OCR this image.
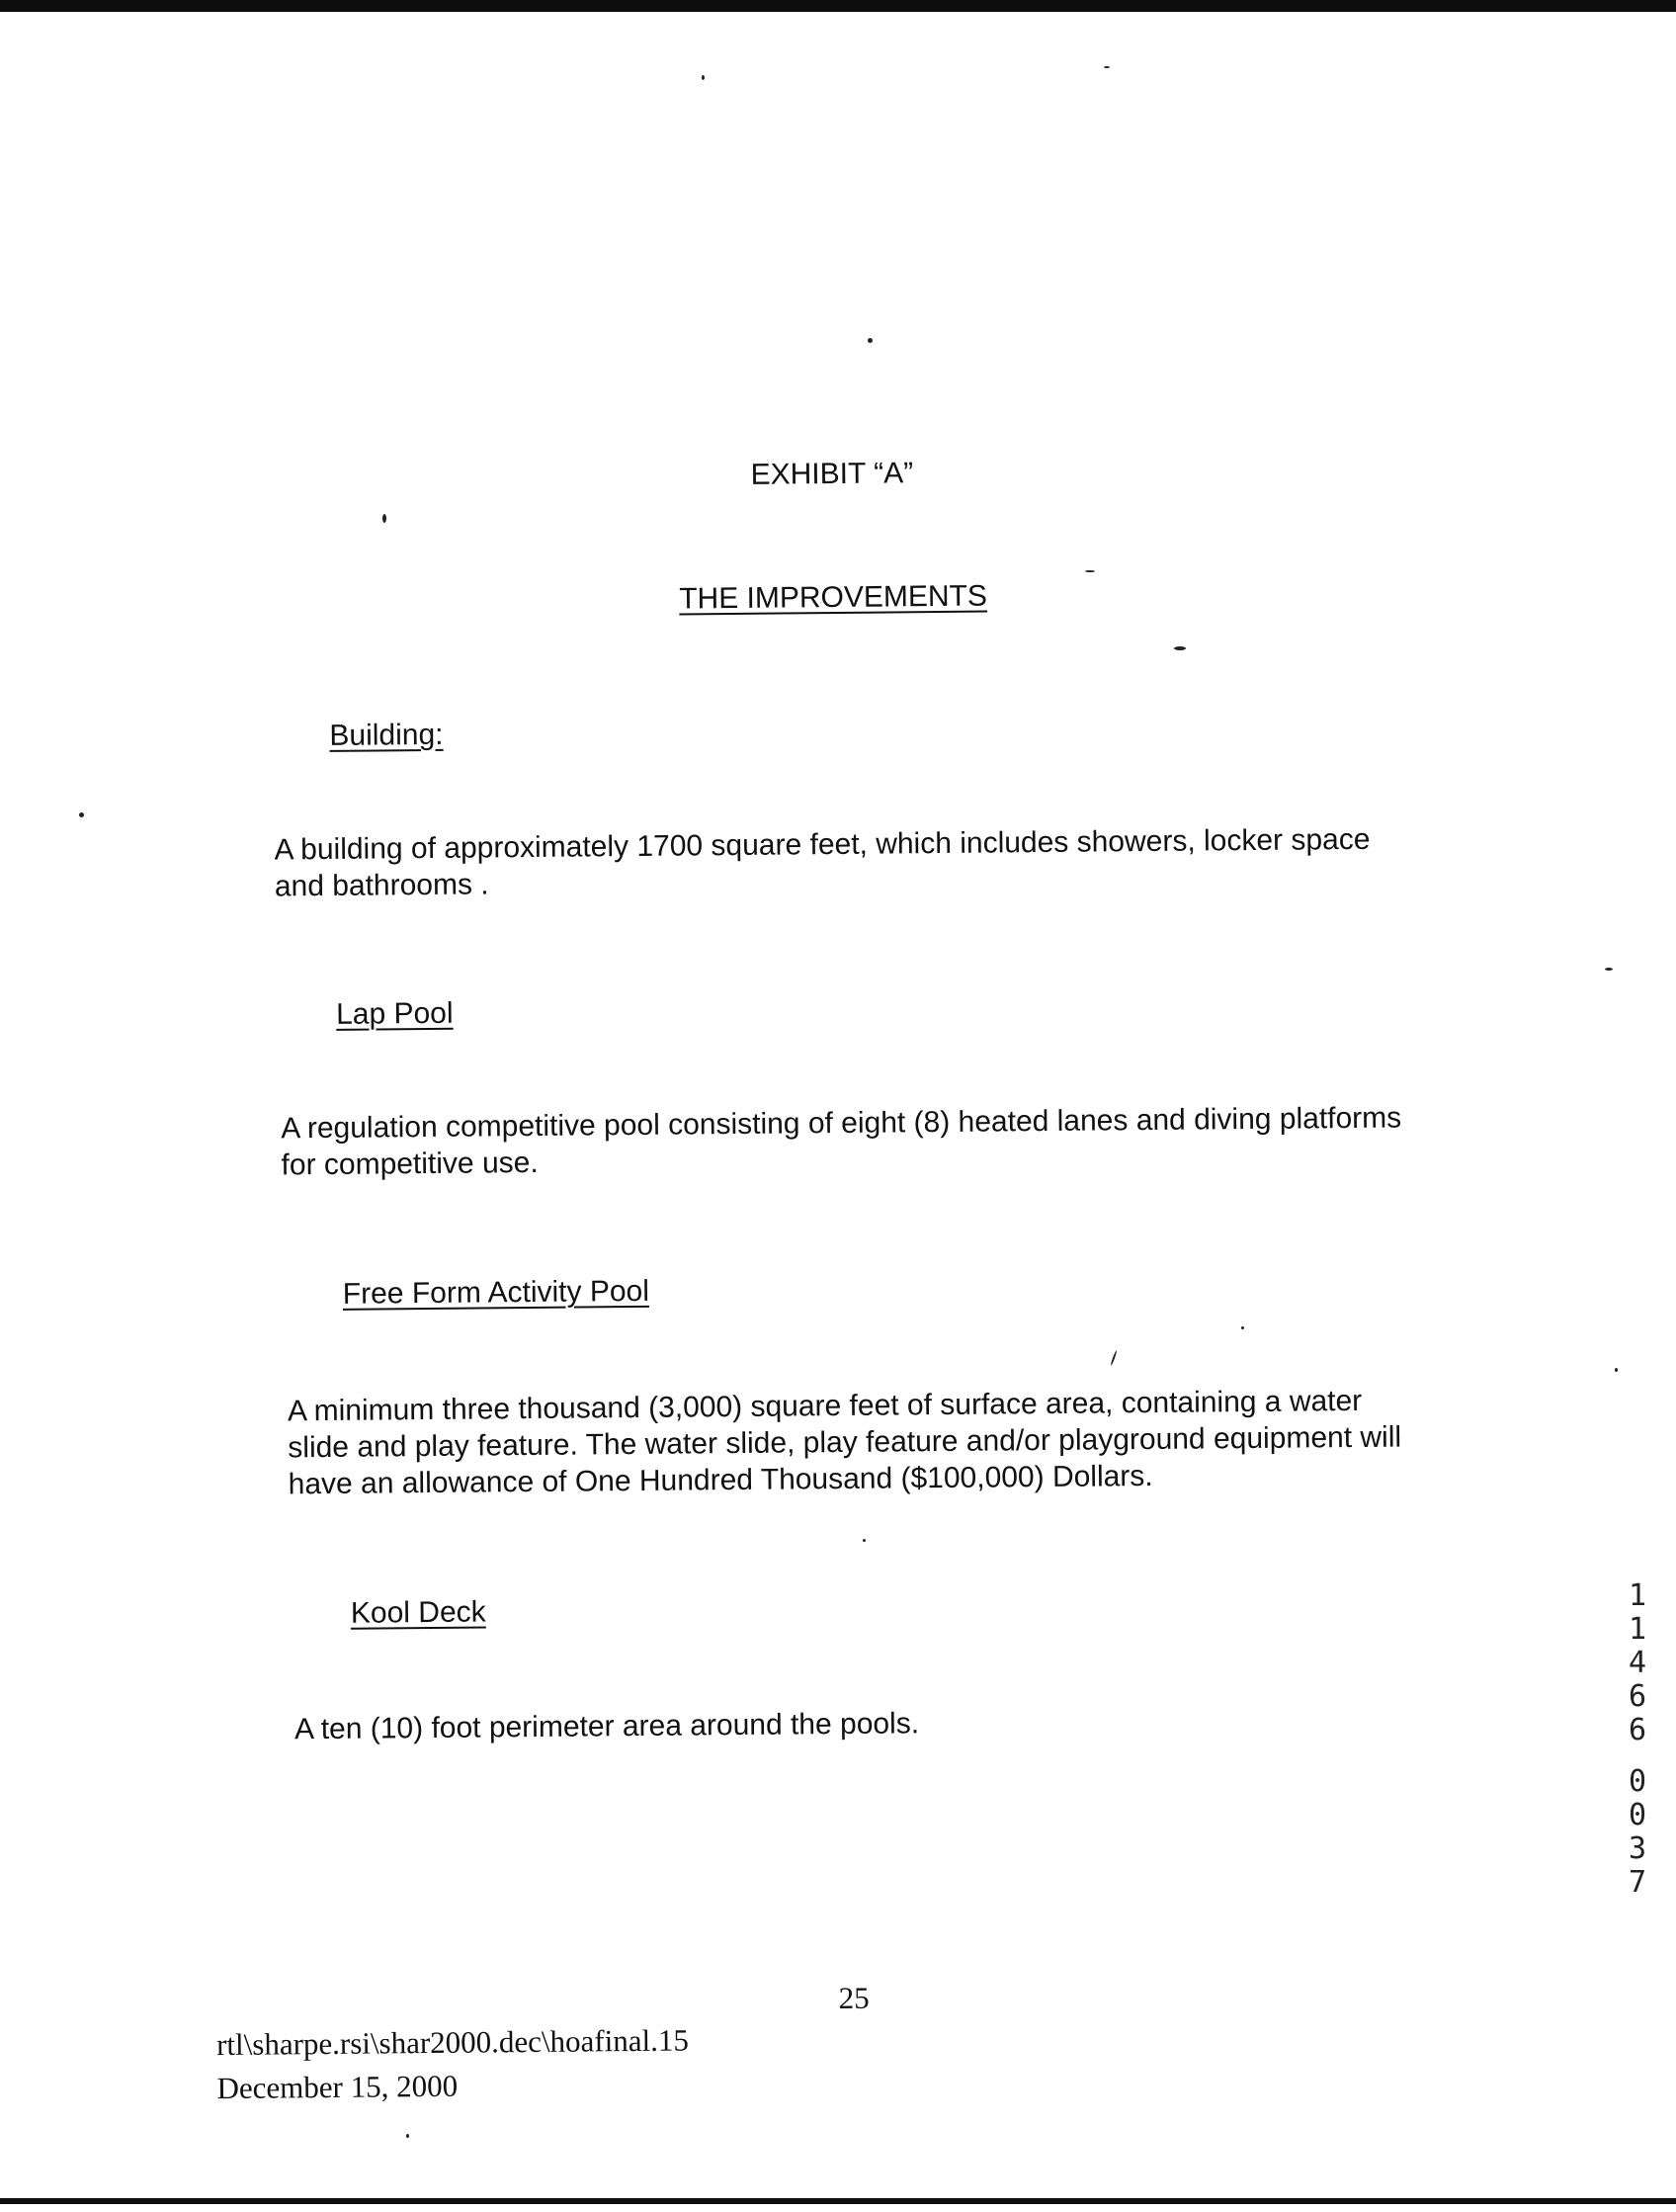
EXHIBIT “A”
THE IMPROVEMENTS
Building:
A building of approximately 1700 square feet, which includes showers, locker space
and bathrooms .
Lap Pool
A regulation competitive pool consisting of eight (8) heated lanes and diving platforms
for competitive use.
Free Form Activity Pool
A minimum three thousand (3,000) square feet of surface area, containing a water
slide and play feature. The water slide, play feature and/or playground equipment will
have an allowance of One Hundred Thousand ($100,000) Dollars.
Kool Deck
A ten (10) foot perimeter area around the pools.
25
rtl\sharpe.rsi\shar2000.dec\hoafinal.15
December 15, 2000
1
1
4
6
6
0
0
3
7
